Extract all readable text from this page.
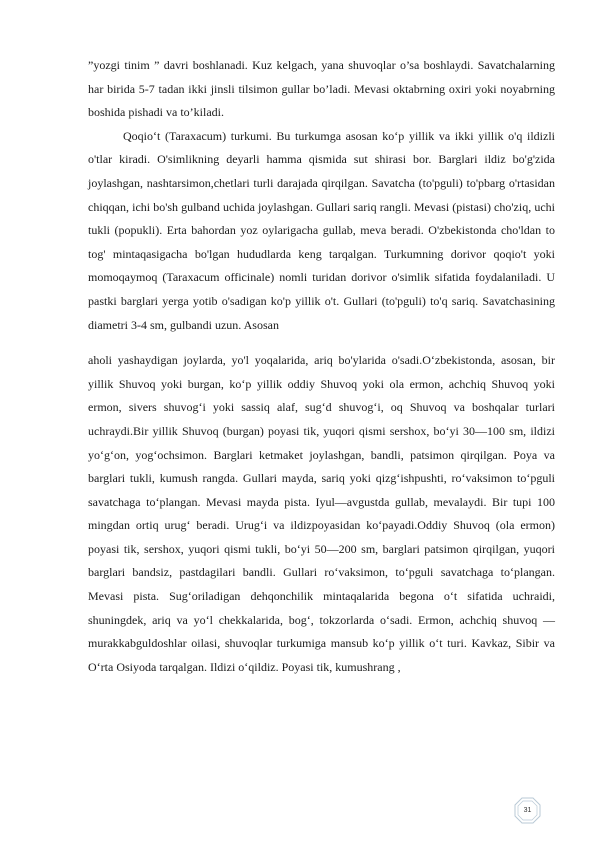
”yozgi tinim ” davri boshlanadi. Kuz kelgach, yana shuvoqlar o’sa boshlaydi. Savatchalarning har birida 5-7 tadan ikki jinsli tilsimon gullar bo’ladi. Mevasi oktabrning oxiri yoki noyabrning boshida pishadi va to’kiladi.

Qoqio‘t (Taraxacum) turkumi. Bu turkumga asosan ko‘p yillik va ikki yillik o'q ildizli o'tlar kiradi. O'simlikning deyarli hamma qismida sut shirasi bor. Barglari ildiz bo'g'zida joylashgan, nashtarsimon,chetlari turli darajada qirqilgan. Savatcha (to'pguli) to'pbarg o'rtasidan chiqqan, ichi bo'sh gulband uchida joylashgan. Gullari sariq rangli. Mevasi (pistasi) cho'ziq, uchi tukli (popukli). Erta bahordan yoz oylarigacha gullab, meva beradi. O'zbekistonda cho'ldan to tog' mintaqasigacha bo'lgan hududlarda keng tarqalgan. Turkumning dorivor qoqio't yoki momoqaymoq (Taraxacum officinale) nomli turidan dorivor o'simlik sifatida foydalaniladi. U pastki barglari yerga yotib o'sadigan ko'p yillik o't. Gullari (to'pguli) to'q sariq. Savatchasining diametri 3-4 sm, gulbandi uzun. Asosan

aholi yashaydigan joylarda, yo'l yoqalarida, ariq bo'ylarida o'sadi.O‘zbekistonda, asosan, bir yillik Shuvoq yoki burgan, ko‘p yillik oddiy Shuvoq yoki ola ermon, achchiq Shuvoq yoki ermon, sivers shuvog‘i yoki sassiq alaf, sug‘d shuvog‘i, oq Shuvoq va boshqalar turlari uchraydi.Bir yillik Shuvoq (burgan) poyasi tik, yuqori qismi sershox, bo‘yi 30—100 sm, ildizi yo‘g‘on, yog‘ochsimon. Barglari ketmaket joylashgan, bandli, patsimon qirqilgan. Poya va barglari tukli, kumush rangda. Gullari mayda, sariq yoki qizg‘ishpushti, ro‘vaksimon to‘pguli savatchaga to‘plangan. Mevasi mayda pista. Iyul—avgustda gullab, mevalaydi. Bir tupi 100 mingdan ortiq urug‘ beradi. Urug‘i va ildizpoyasidan ko‘payadi.Oddiy Shuvoq (ola ermon) poyasi tik, sershox, yuqori qismi tukli, bo‘yi 50—200 sm, barglari patsimon qirqilgan, yuqori barglari bandsiz, pastdagilari bandli. Gullari ro‘vaksimon, to‘pguli savatchaga to‘plangan. Mevasi pista. Sug‘oriladigan dehqonchilik mintaqalarida begona o‘t sifatida uchraidi, shuningdek, ariq va yo‘l chekkalarida, bog‘, tokzorlarda o‘sadi. Ermon, achchiq shuvoq — murakkabguldoshlar oilasi, shuvoqlar turkumiga mansub ko‘p yillik o‘t turi. Kavkaz, Sibir va O‘rta Osiyoda tarqalgan. Ildizi o‘qildiz. Poyasi tik, kumushrang ,

31
